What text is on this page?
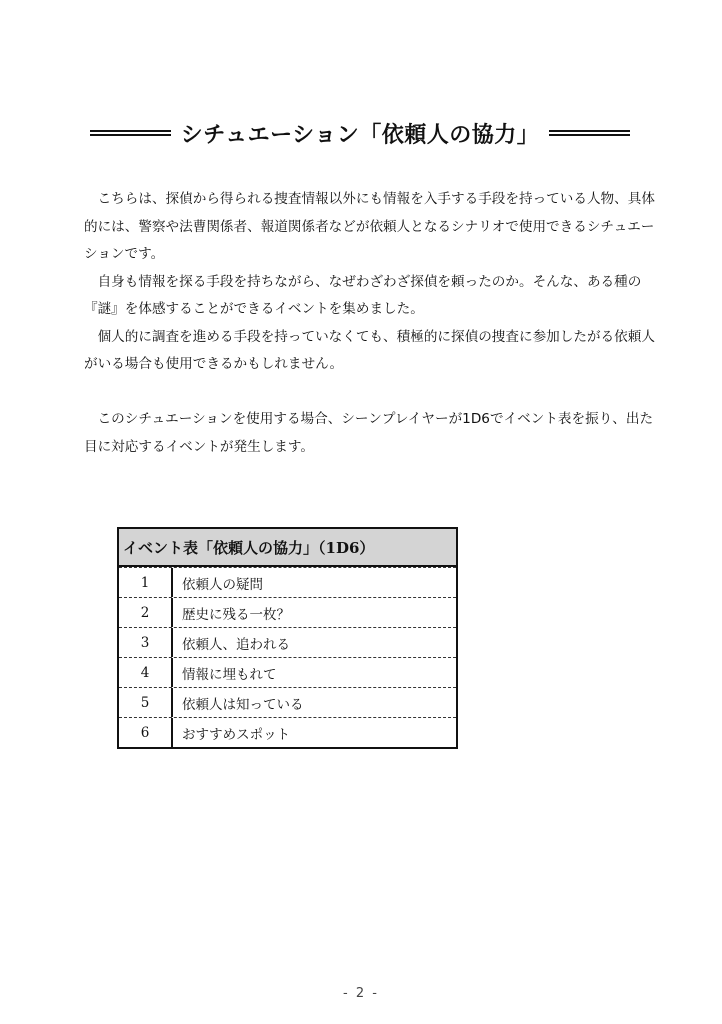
シチュエーション「依頼人の協力」

こちらは、探偵から得られる捜査情報以外にも情報を入手する手段を持っている人物、具体的には、警察や法曹関係者、報道関係者などが依頼人となるシナリオで使用できるシチュエーションです。

自身も情報を探る手段を持ちながら、なぜわざわざ探偵を頼ったのか。そんな、ある種の『謎』を体感することができるイベントを集めました。

個人的に調査を進める手段を持っていなくても、積極的に探偵の捜査に参加したがる依頼人がいる場合も使用できるかもしれません。

このシチュエーションを使用する場合、シーンプレイヤーが1D6でイベント表を振り、出た目に対応するイベントが発生します。

イベント表「依頼人の協力」（1D6）
1	依頼人の疑問
2	歴史に残る一枚？
3	依頼人、追われる
4	情報に埋もれて
5	依頼人は知っている
6	おすすめスポット
- 2 -
